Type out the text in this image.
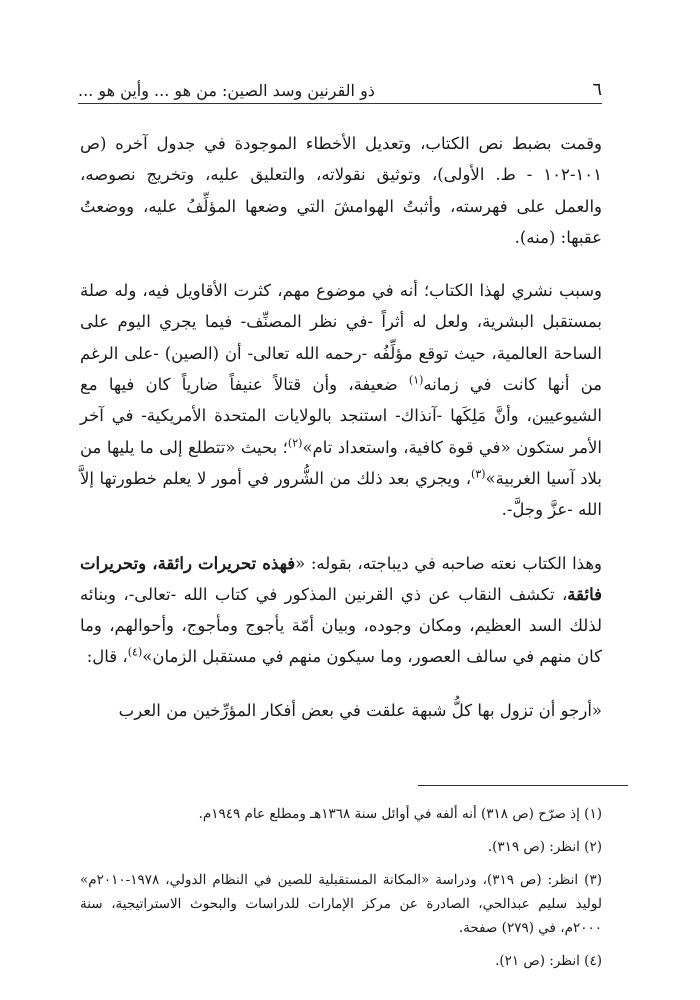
٦
ذو القرنين وسد الصين: من هو ... وأين هو ...

وقمت بضبط نص الكتاب، وتعديل الأخطاء الموجودة في جدول آخره (ص ١٠١-١٠٢ - ط. الأولى)، وتوثيق نقولاته، والتعليق عليه، وتخريج نصوصه، والعمل على فهرسته، وأثبتُ الهوامشَ التي وضعها المؤلِّفُ عليه، ووضعتُ عقبها: (منه).

وسبب نشري لهذا الكتاب؛ أنه في موضوع مهم، كثرت الأقاويل فيه، وله صلة بمستقبل البشرية، ولعل له أثراً -في نظر المصنِّف- فيما يجري اليوم على الساحة العالمية، حيث توقع مؤلِّفُه -رحمه الله تعالى- أن (الصين) -على الرغم من أنها كانت في زمانه$^{(١)}$ ضعيفة، وأن قتالاً عنيفاً ضارياً كان فيها مع الشيوعيين، وأنَّ مَلِكَها -آنذاك- استنجد بالولايات المتحدة الأمريكية- في آخر الأمر ستكون «في قوة كافية، واستعداد تام»$^{(٢)}$؛ بحيث «تتطلع إلى ما يليها من بلاد آسيا الغربية»$^{(٣)}$، ويجري بعد ذلك من الشُّرور في أمور لا يعلم خطورتها إلاَّ الله -عزَّ وجلَّ-.

وهذا الكتاب نعته صاحبه في ديباجته، بقوله: «فهذه تحريرات رائقة، وتحريرات فائقة، تكشف النقاب عن ذي القرنين المذكور في كتاب الله -تعالى-، وبنائه لذلك السد العظيم، ومكان وجوده، وبيان أمّة يأجوج ومأجوج، وأحوالهم، وما كان منهم في سالف العصور، وما سيكون منهم في مستقبل الزمان»$^{(٤)}$، قال:

«أرجو أن تزول بها كلُّ شبهة علقت في بعض أفكار المؤرِّخين من العرب

(١) إذ صرّح (ص ٣١٨) أنه ألفه في أوائل سنة ١٣٦٨هـ ومطلع عام ١٩٤٩م.
(٢) انظر: (ص ٣١٩).
(٣) انظر: (ص ٣١٩)، ودراسة «المكانة المستقبلية للصين في النظام الدولي، ١٩٧٨-٢٠١٠م» لوليد سليم عبدالحي، الصادرة عن مركز الإمارات للدراسات والبحوث الاستراتيجية، سنة ٢٠٠٠م، في (٢٧٩) صفحة.
(٤) انظر: (ص ٢١).
